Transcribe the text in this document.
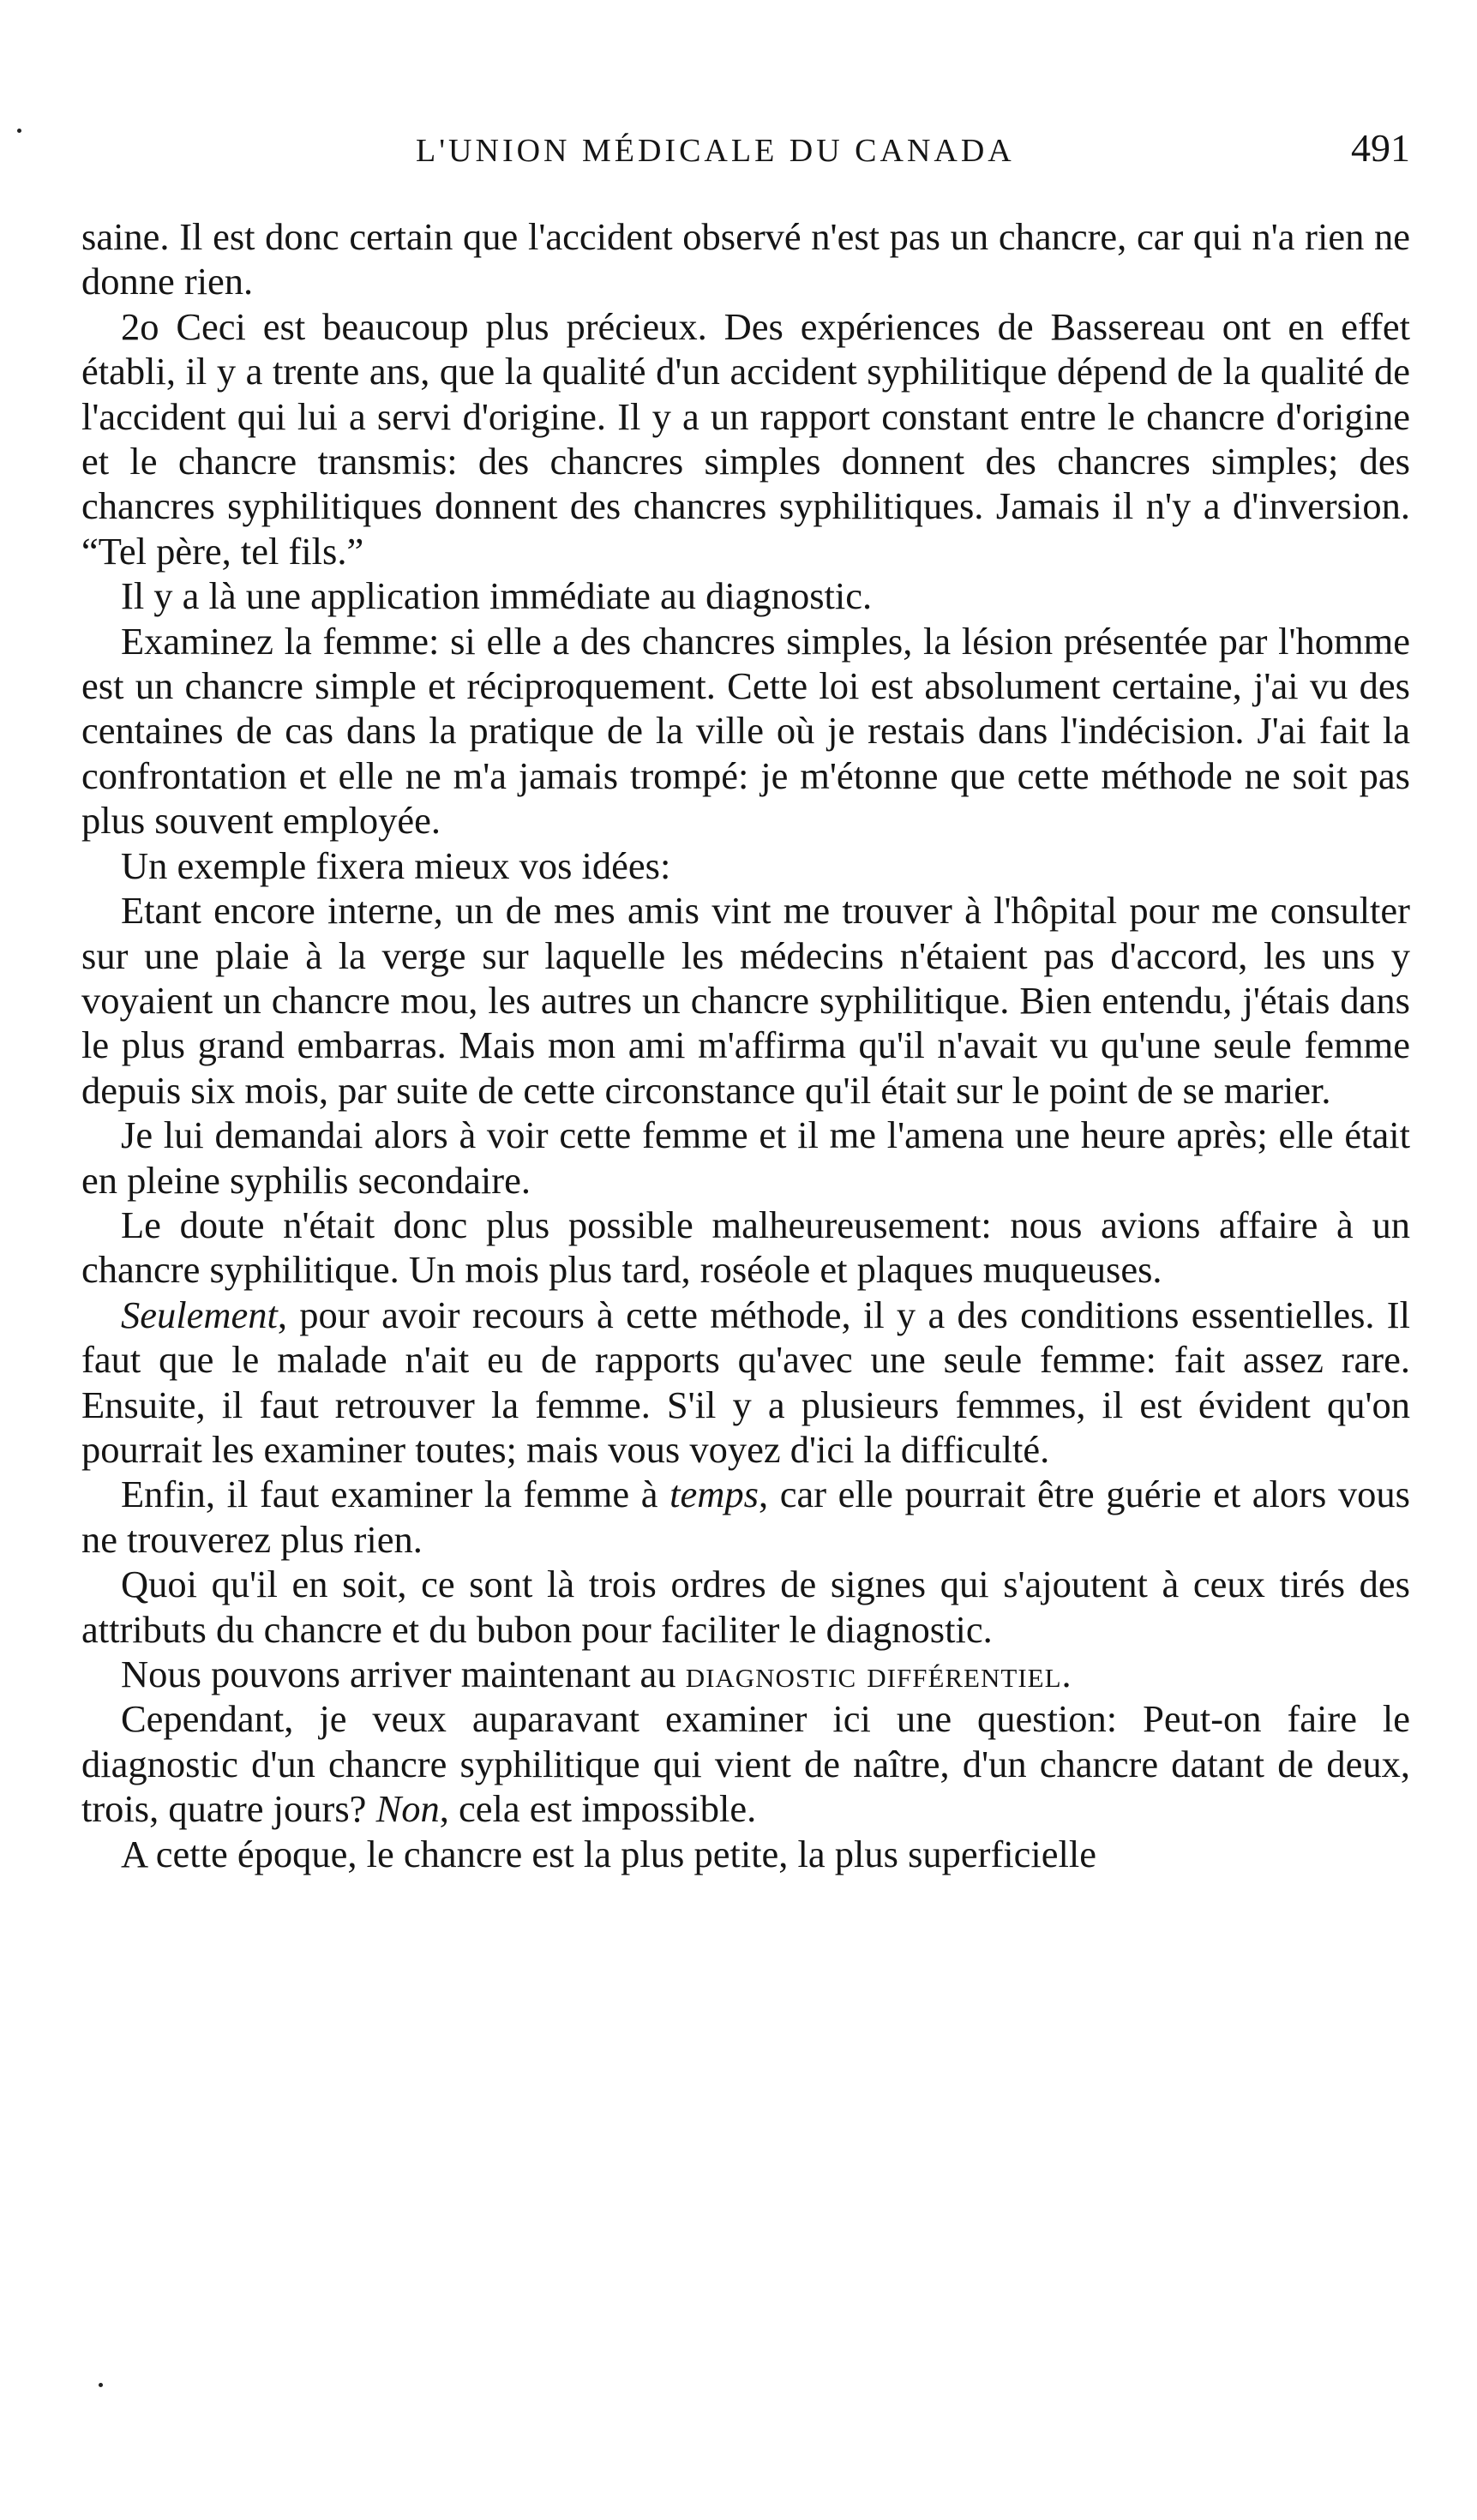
L'UNION MÉDICALE DU CANADA	491

saine. Il est donc certain que l'accident observé n'est pas un chancre, car qui n'a rien ne donne rien.

2o Ceci est beaucoup plus précieux. Des expériences de Bassereau ont en effet établi, il y a trente ans, que la qualité d'un accident syphilitique dépend de la qualité de l'accident qui lui a servi d'origine. Il y a un rapport constant entre le chancre d'origine et le chancre transmis: des chancres simples donnent des chancres simples; des chancres syphilitiques donnent des chancres syphilitiques. Jamais il n'y a d'inversion. “Tel père, tel fils.”

Il y a là une application immédiate au diagnostic.

Examinez la femme: si elle a des chancres simples, la lésion présentée par l'homme est un chancre simple et réciproquement. Cette loi est absolument certaine, j'ai vu des centaines de cas dans la pratique de la ville où je restais dans l'indécision. J'ai fait la confrontation et elle ne m'a jamais trompé: je m'étonne que cette méthode ne soit pas plus souvent employée.

Un exemple fixera mieux vos idées:

Etant encore interne, un de mes amis vint me trouver à l'hôpital pour me consulter sur une plaie à la verge sur laquelle les médecins n'étaient pas d'accord, les uns y voyaient un chancre mou, les autres un chancre syphilitique. Bien entendu, j'étais dans le plus grand embarras. Mais mon ami m'affirma qu'il n'avait vu qu'une seule femme depuis six mois, par suite de cette circonstance qu'il était sur le point de se marier.

Je lui demandai alors à voir cette femme et il me l'amena une heure après; elle était en pleine syphilis secondaire.

Le doute n'était donc plus possible malheureusement: nous avions affaire à un chancre syphilitique. Un mois plus tard, roséole et plaques muqueuses.

Seulement, pour avoir recours à cette méthode, il y a des conditions essentielles. Il faut que le malade n'ait eu de rapports qu'avec une seule femme: fait assez rare. Ensuite, il faut retrouver la femme. S'il y a plusieurs femmes, il est évident qu'on pourrait les examiner toutes; mais vous voyez d'ici la difficulté.

Enfin, il faut examiner la femme à temps, car elle pourrait être guérie et alors vous ne trouverez plus rien.

Quoi qu'il en soit, ce sont là trois ordres de signes qui s'ajoutent à ceux tirés des attributs du chancre et du bubon pour faciliter le diagnostic.

Nous pouvons arriver maintenant au diagnostic différentiel.

Cependant, je veux auparavant examiner ici une question: Peut-on faire le diagnostic d'un chancre syphilitique qui vient de naître, d'un chancre datant de deux, trois, quatre jours? Non, cela est impossible.

A cette époque, le chancre est la plus petite, la plus superficielle
